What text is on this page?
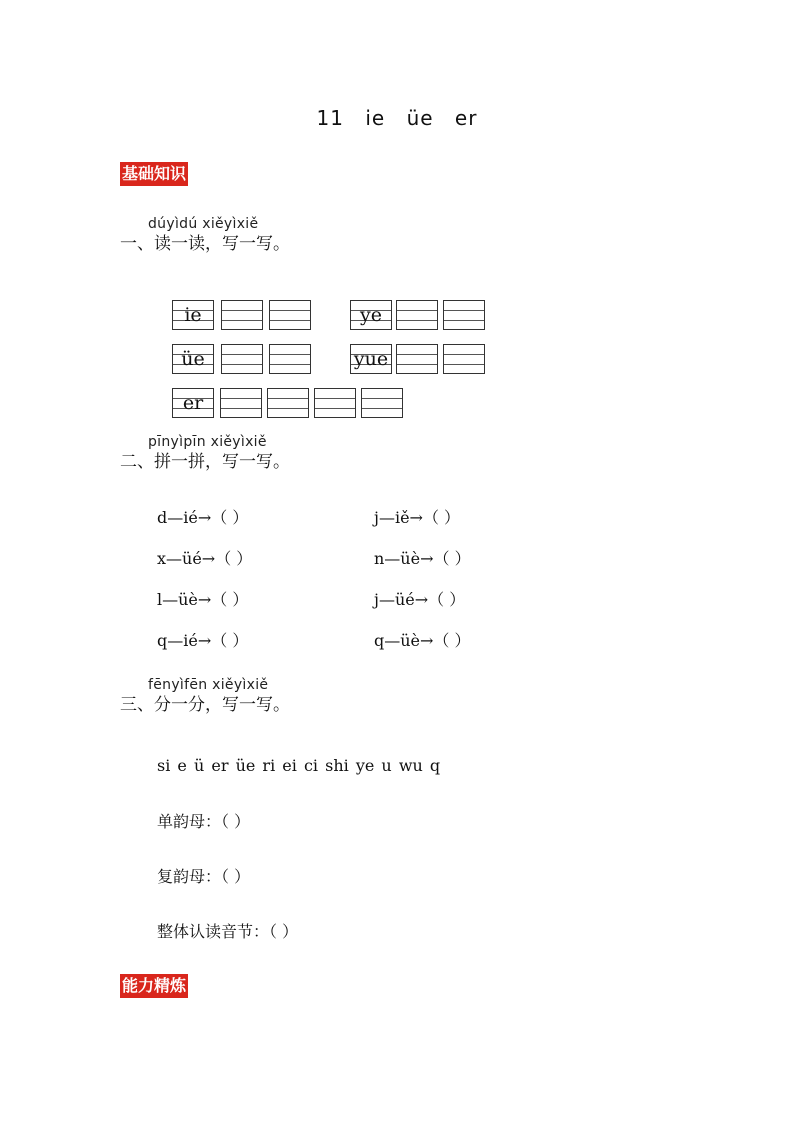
11 ie üe er
基础知识
dúyìdú xiěyìxiě
一、读一读，写一写。
ie	ye
üe	yue
er
pīnyìpīn xiěyìxiě
二、拼一拼，写一写。
d—ié→（ ）	j—iě→（ ）
x—üé→（ ）	n—üè→（ ）
l—üè→（ ）	j—üé→（ ）
q—ié→（ ）	q—üè→（ ）
fēnyìfēn xiěyìxiě
三、分一分，写一写。
si e ü er üe ri ei ci shi ye u wu q
单韵母：（ ）
复韵母：（ ）
整体认读音节：（ ）
能力精炼
